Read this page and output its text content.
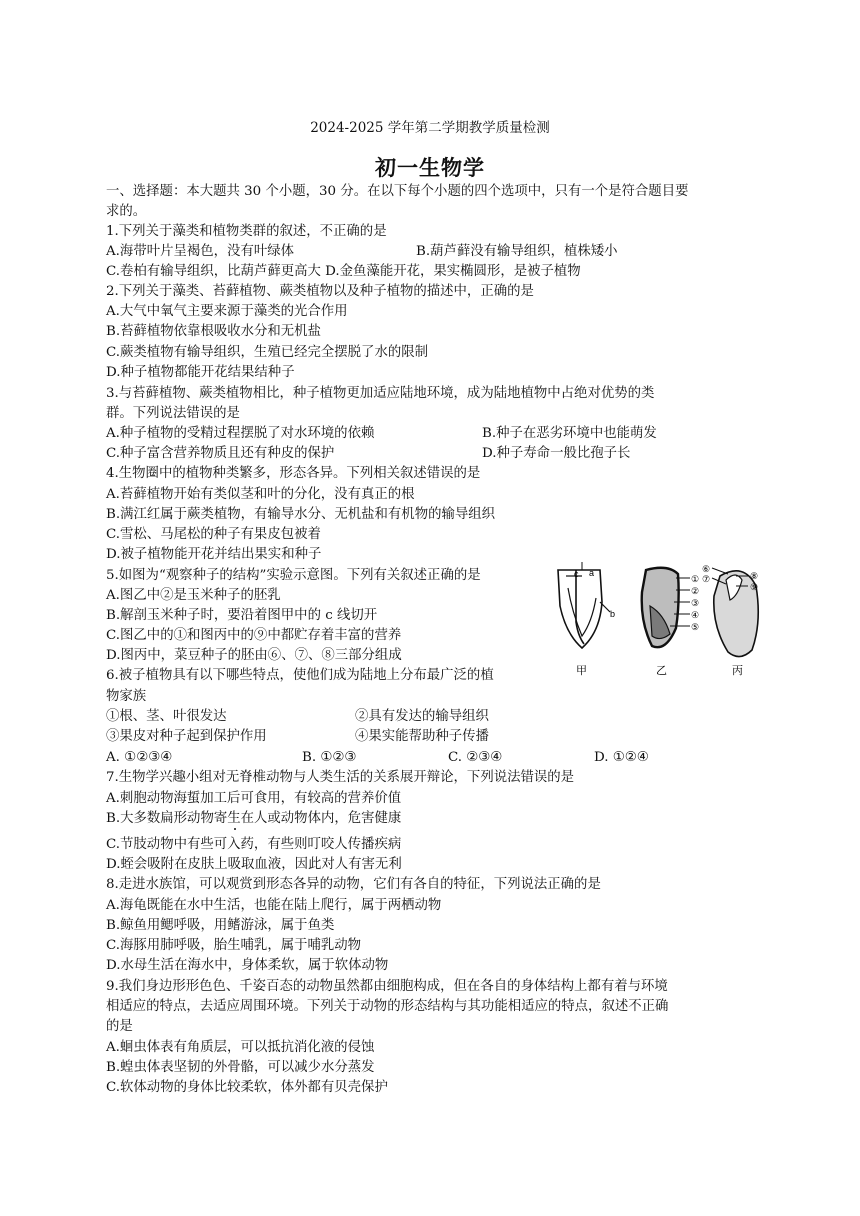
2024-2025 学年第二学期教学质量检测
初一生物学
一、选择题：本大题共 30 个小题，30 分。在以下每个小题的四个选项中，只有一个是符合题目要
求的。
1.下列关于藻类和植物类群的叙述，不正确的是
A.海带叶片呈褐色，没有叶绿体	B.葫芦藓没有输导组织，植株矮小
C.卷柏有输导组织，比葫芦藓更高大 D.金鱼藻能开花，果实椭圆形，是被子植物
2.下列关于藻类、苔藓植物、蕨类植物以及种子植物的描述中，正确的是
A.大气中氧气主要来源于藻类的光合作用
B.苔藓植物依靠根吸收水分和无机盐
C.蕨类植物有输导组织，生殖已经完全摆脱了水的限制
D.种子植物都能开花结果结种子
3.与苔藓植物、蕨类植物相比，种子植物更加适应陆地环境，成为陆地植物中占绝对优势的类
群。下列说法错误的是
A.种子植物的受精过程摆脱了对水环境的依赖	B.种子在恶劣环境中也能萌发
C.种子富含营养物质且还有种皮的保护	D.种子寿命一般比孢子长
4.生物圈中的植物种类繁多，形态各异。下列相关叙述错误的是
A.苔藓植物开始有类似茎和叶的分化，没有真正的根
B.满江红属于蕨类植物，有输导水分、无机盐和有机物的输导组织
C.雪松、马尾松的种子有果皮包被着
D.被子植物能开花并结出果实和种子
5.如图为“观察种子的结构”实验示意图。下列有关叙述正确的是
A.图乙中②是玉米种子的胚乳
B.解剖玉米种子时，要沿着图甲中的 c 线切开
C.图乙中的①和图丙中的⑨中都贮存着丰富的营养
D.图丙中，菜豆种子的胚由⑥、⑦、⑧三部分组成
a
c
b
①
②
③
④
⑤
⑥
⑦	⑧
⑨
甲	乙	丙
6.被子植物具有以下哪些特点，使他们成为陆地上分布最广泛的植
物家族
①根、茎、叶很发达	②具有发达的输导组织
③果皮对种子起到保护作用	④果实能帮助种子传播
A. ①②③④	B. ①②③	C. ②③④	D. ①②④
7.生物学兴趣小组对无脊椎动物与人类生活的关系展开辩论，下列说法错误的是
A.刺胞动物海蜇加工后可食用，有较高的营养价值
B.大多数扁形动物寄生在人或动物体内，危害健康
C.节肢动物中有些可入药，有些则叮咬人传播疾病
D.蛭会吸附在皮肤上吸取血液，因此对人有害无利
8.走进水族馆，可以观赏到形态各异的动物，它们有各自的特征，下列说法正确的是
A.海龟既能在水中生活，也能在陆上爬行，属于两栖动物
B.鲸鱼用鳃呼吸，用鳍游泳，属于鱼类
C.海豚用肺呼吸，胎生哺乳，属于哺乳动物
D.水母生活在海水中，身体柔软，属于软体动物
9.我们身边形形色色、千姿百态的动物虽然都由细胞构成，但在各自的身体结构上都有着与环境
相适应的特点，去适应周围环境。下列关于动物的形态结构与其功能相适应的特点，叙述不正确
的是
A.蛔虫体表有角质层，可以抵抗消化液的侵蚀
B.蝗虫体表坚韧的外骨骼，可以减少水分蒸发
C.软体动物的身体比较柔软，体外都有贝壳保护
